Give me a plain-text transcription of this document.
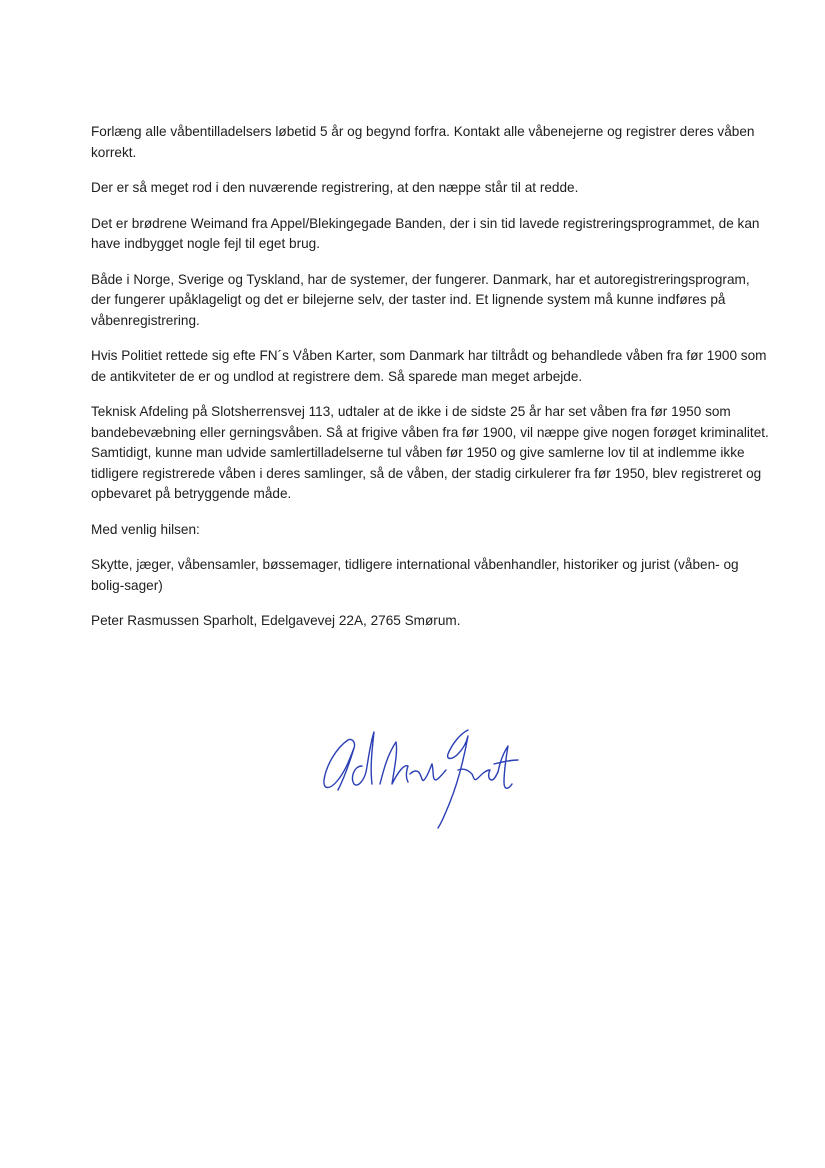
Forlæng alle våbentilladelsers løbetid 5 år og begynd forfra. Kontakt alle våbenejerne og registrer deres våben korrekt.

Der er så meget rod i den nuværende registrering, at den næppe står til at redde.

Det er brødrene Weimand fra Appel/Blekingegade Banden, der i sin tid lavede registreringsprogrammet, de kan have indbygget nogle fejl til eget brug.

Både i Norge, Sverige og Tyskland, har de systemer, der fungerer. Danmark, har et autoregistreringsprogram, der fungerer upåklageligt og det er bilejerne selv, der taster ind. Et lignende system må kunne indføres på våbenregistrering.

Hvis Politiet rettede sig efte FN´s Våben Karter, som Danmark har tiltrådt og behandlede våben fra før 1900 som de antikviteter de er og undlod at registrere dem. Så sparede man meget arbejde.

Teknisk Afdeling på Slotsherrensvej 113, udtaler at de ikke i de sidste 25 år har set våben fra før 1950 som bandebevæbning eller gerningsvåben. Så at frigive våben fra før 1900, vil næppe give nogen forøget kriminalitet. Samtidigt, kunne man udvide samlertilladelserne tul våben før 1950 og give samlerne lov til at indlemme ikke tidligere registrerede våben i deres samlinger, så de våben, der stadig cirkulerer fra før 1950, blev registreret og opbevaret på betryggende måde.

Med venlig hilsen:

Skytte, jæger, våbensamler, bøssemager, tidligere international våbenhandler, historiker og jurist (våben- og bolig-sager)

Peter Rasmussen Sparholt, Edelgavevej 22A, 2765 Smørum.
